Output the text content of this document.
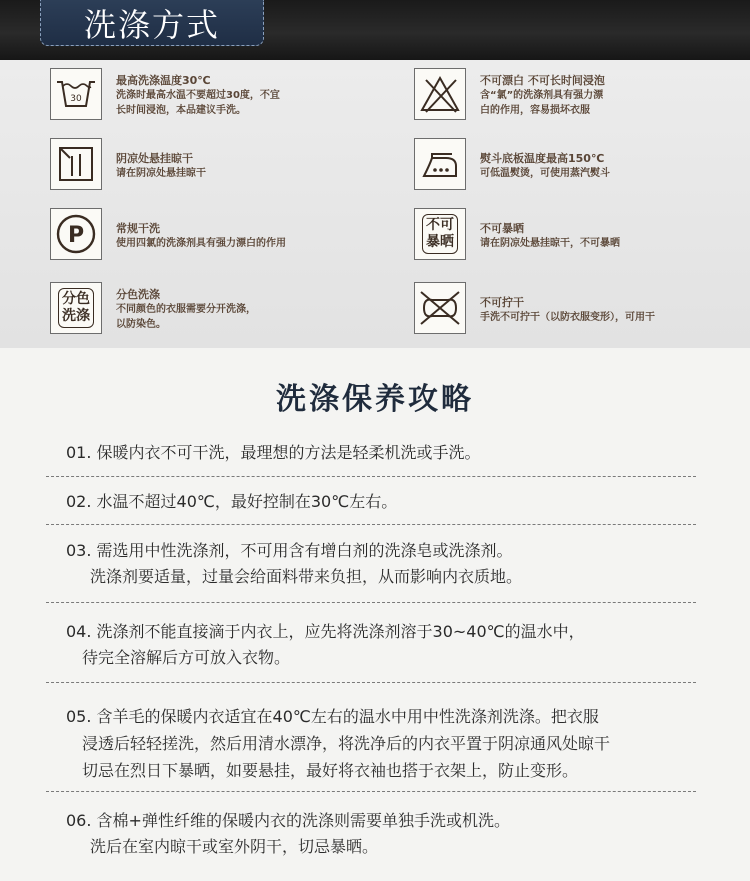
洗涤方式
30
最高洗涤温度30℃
洗涤时最高水温不要超过30度，不宜
长时间浸泡，本品建议手洗。
不可漂白 不可长时间浸泡
含“氯”的洗涤剂具有强力漂
白的作用，容易损坏衣服
阴凉处悬挂晾干
请在阴凉处悬挂晾干
熨斗底板温度最高150℃
可低温熨烫，可使用蒸汽熨斗
P	常规干洗
使用四氯的洗涤剂具有强力漂白的作用
不可
暴晒
不可暴晒
请在阴凉处悬挂晾干，不可暴晒
分色
洗涤
分色洗涤
不同颜色的衣服需要分开洗涤，
以防染色。
不可拧干
手洗不可拧干（以防衣服变形），可用干
洗涤保养攻略
01. 保暖内衣不可干洗，最理想的方法是轻柔机洗或手洗。
02. 水温不超过40℃，最好控制在30℃左右。
03. 需选用中性洗涤剂，不可用含有增白剂的洗涤皂或洗涤剂。
洗涤剂要适量，过量会给面料带来负担，从而影响内衣质地。
04. 洗涤剂不能直接滴于内衣上，应先将洗涤剂溶于30~40℃的温水中，
待完全溶解后方可放入衣物。
05. 含羊毛的保暖内衣适宜在40℃左右的温水中用中性洗涤剂洗涤。把衣服
浸透后轻轻搓洗，然后用清水漂净，将洗净后的内衣平置于阴凉通风处晾干
切忌在烈日下暴晒，如要悬挂，最好将衣袖也搭于衣架上，防止变形。
06. 含棉+弹性纤维的保暖内衣的洗涤则需要单独手洗或机洗。
洗后在室内晾干或室外阴干，切忌暴晒。
